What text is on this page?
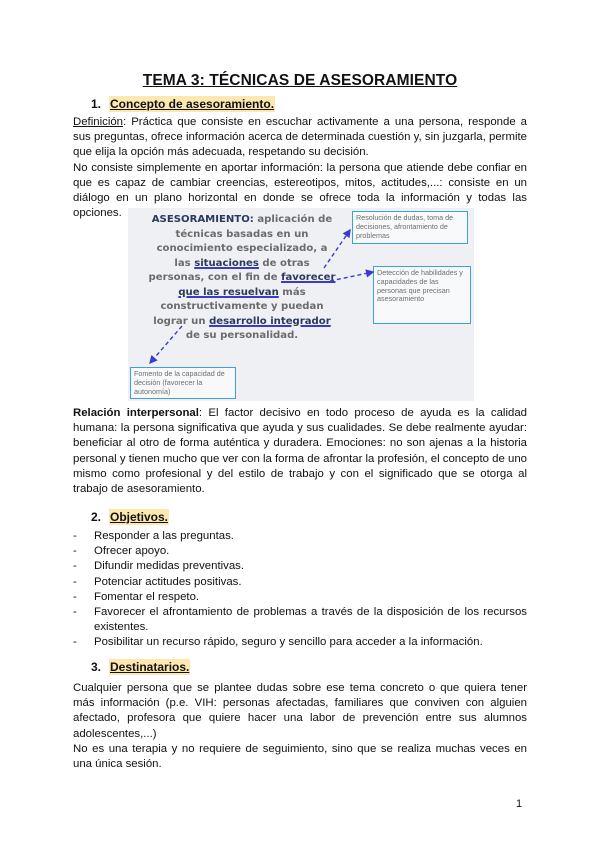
TEMA 3: TÉCNICAS DE ASESORAMIENTO
1. Concepto de asesoramiento.

Definición: Práctica que consiste en escuchar activamente a una persona, responde a sus preguntas, ofrece información acerca de determinada cuestión y, sin juzgarla, permite que elija la opción más adecuada, respetando su decisión.

No consiste simplemente en aportar información: la persona que atiende debe confiar en que es capaz de cambiar creencias, estereotipos, mitos, actitudes,...: consiste en un diálogo en un plano horizontal en donde se ofrece toda la información y todas las opciones.

ASESORAMIENTO: aplicación de técnicas basadas en un conocimiento especializado, a las situaciones de otras personas, con el fin de favorecer que las resuelvan más constructivamente y puedan lograr un desarrollo integrador de su personalidad.
Resolución de dudas, toma de decisiones, afrontamiento de problemas
Detección de habilidades y capacidades de las personas que precisan asesoramiento
Fomento de la capacidad de decisión (favorecer la autonomía)

Relación interpersonal: El factor decisivo en todo proceso de ayuda es la calidad humana: la persona significativa que ayuda y sus cualidades. Se debe realmente ayudar: beneficiar al otro de forma auténtica y duradera. Emociones: no son ajenas a la historia personal y tienen mucho que ver con la forma de afrontar la profesión, el concepto de uno mismo como profesional y del estilo de trabajo y con el significado que se otorga al trabajo de asesoramiento.

2. Objetivos.
- Responder a las preguntas.
- Ofrecer apoyo.
- Difundir medidas preventivas.
- Potenciar actitudes positivas.
- Fomentar el respeto.
- Favorecer el afrontamiento de problemas a través de la disposición de los recursos existentes.
- Posibilitar un recurso rápido, seguro y sencillo para acceder a la información.
3. Destinatarios.

Cualquier persona que se plantee dudas sobre ese tema concreto o que quiera tener más información (p.e. VIH: personas afectadas, familiares que conviven con alguien afectado, profesora que quiere hacer una labor de prevención entre sus alumnos adolescentes,...)

No es una terapia y no requiere de seguimiento, sino que se realiza muchas veces en una única sesión.

1
